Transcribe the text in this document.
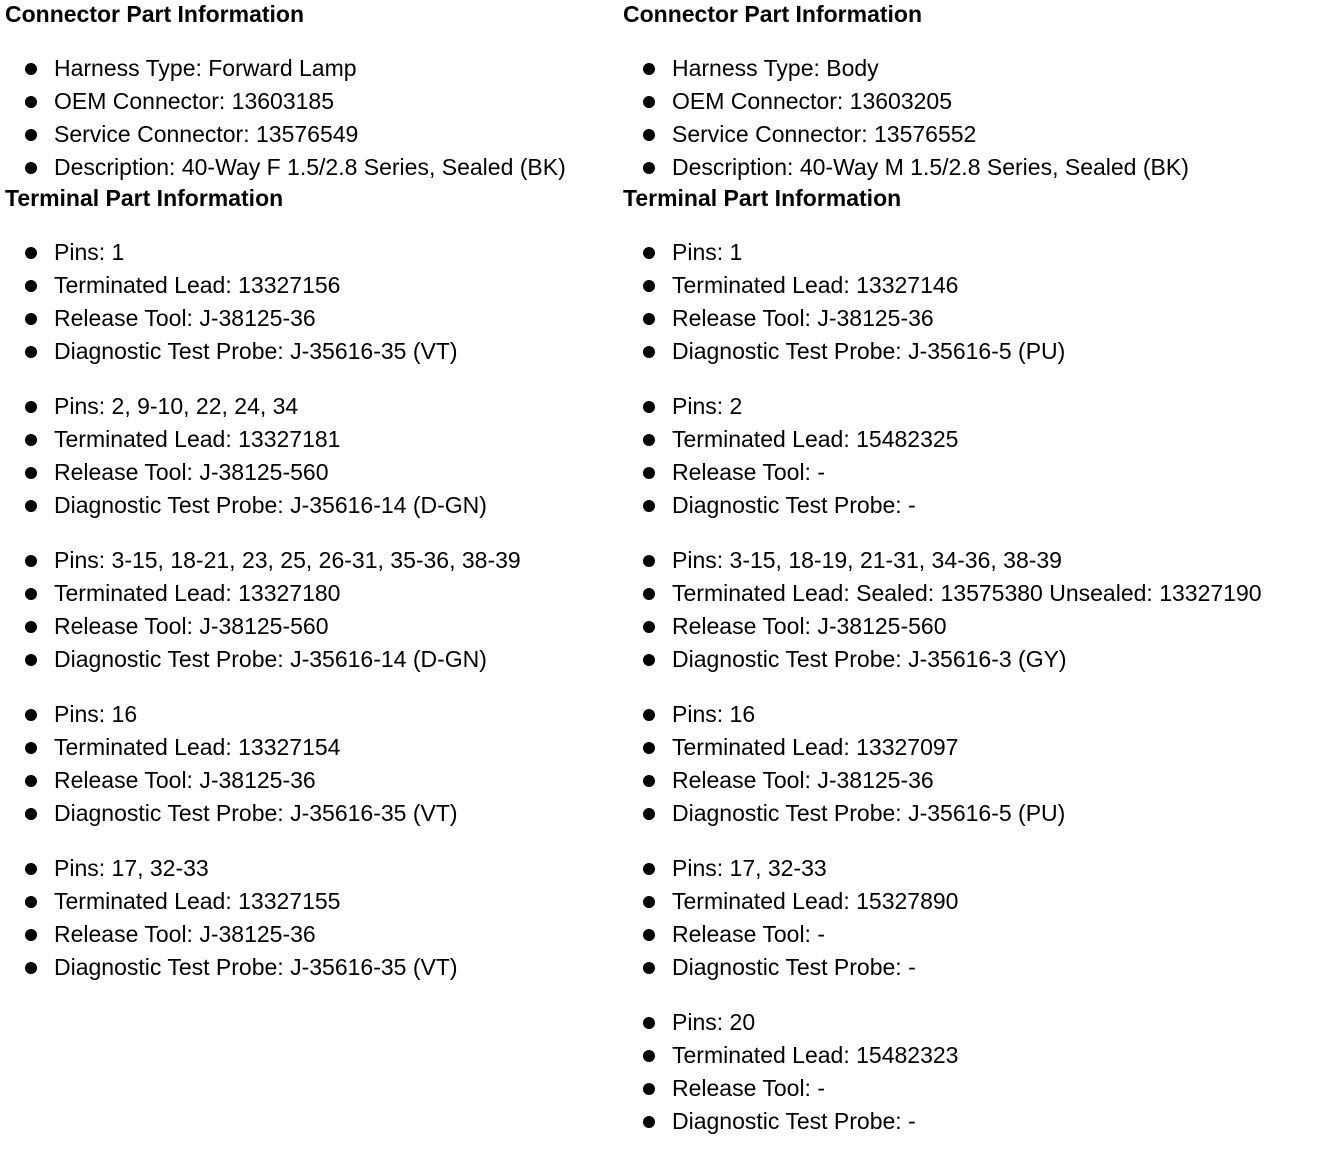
Connector Part Information
Harness Type: Forward Lamp
OEM Connector: 13603185
Service Connector: 13576549
Description: 40-Way F 1.5/2.8 Series, Sealed (BK)
Terminal Part Information
Pins: 1
Terminated Lead: 13327156
Release Tool: J-38125-36
Diagnostic Test Probe: J-35616-35 (VT)
Pins: 2, 9-10, 22, 24, 34
Terminated Lead: 13327181
Release Tool: J-38125-560
Diagnostic Test Probe: J-35616-14 (D-GN)
Pins: 3-15, 18-21, 23, 25, 26-31, 35-36, 38-39
Terminated Lead: 13327180
Release Tool: J-38125-560
Diagnostic Test Probe: J-35616-14 (D-GN)
Pins: 16
Terminated Lead: 13327154
Release Tool: J-38125-36
Diagnostic Test Probe: J-35616-35 (VT)
Pins: 17, 32-33
Terminated Lead: 13327155
Release Tool: J-38125-36
Diagnostic Test Probe: J-35616-35 (VT)
Connector Part Information
Harness Type: Body
OEM Connector: 13603205
Service Connector: 13576552
Description: 40-Way M 1.5/2.8 Series, Sealed (BK)
Terminal Part Information
Pins: 1
Terminated Lead: 13327146
Release Tool: J-38125-36
Diagnostic Test Probe: J-35616-5 (PU)
Pins: 2
Terminated Lead: 15482325
Release Tool: -
Diagnostic Test Probe: -
Pins: 3-15, 18-19, 21-31, 34-36, 38-39
Terminated Lead: Sealed: 13575380 Unsealed: 13327190
Release Tool: J-38125-560
Diagnostic Test Probe: J-35616-3 (GY)
Pins: 16
Terminated Lead: 13327097
Release Tool: J-38125-36
Diagnostic Test Probe: J-35616-5 (PU)
Pins: 17, 32-33
Terminated Lead: 15327890
Release Tool: -
Diagnostic Test Probe: -
Pins: 20
Terminated Lead: 15482323
Release Tool: -
Diagnostic Test Probe: -
